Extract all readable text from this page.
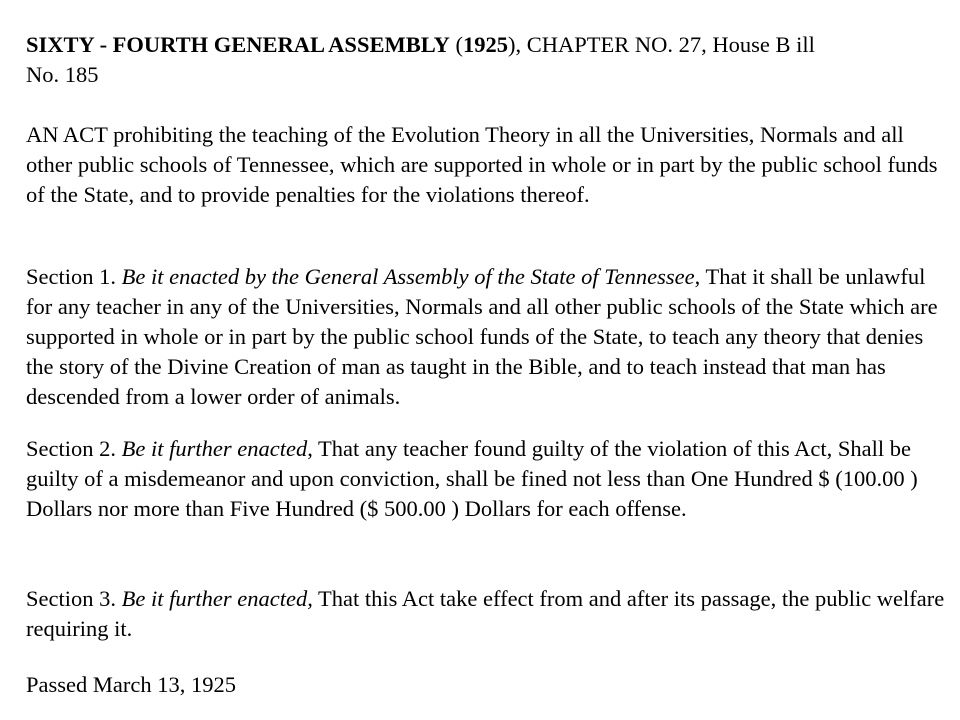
SIXTY - FOURTH GENERAL ASSEMBLY (1925), CHAPTER NO. 27, House B ill
No. 185

AN ACT prohibiting the teaching of the Evolution Theory in all the Universities, Normals and all other public schools of Tennessee, which are supported in whole or in part by the public school funds of the State, and to provide penalties for the violations thereof.

Section 1. Be it enacted by the General Assembly of the State of Tennessee, That it shall be unlawful for any teacher in any of the Universities, Normals and all other public schools of the State which are supported in whole or in part by the public school funds of the State, to teach any theory that denies the story of the Divine Creation of man as taught in the Bible, and to teach instead that man has descended from a lower order of animals.

Section 2. Be it further enacted, That any teacher found guilty of the violation of this Act, Shall be guilty of a misdemeanor and upon conviction, shall be fined not less than One Hundred $ (100.00 ) Dollars nor more than Five Hundred ($ 500.00 ) Dollars for each offense.

Section 3. Be it further enacted, That this Act take effect from and after its passage, the public welfare requiring it.

Passed March 13, 1925
